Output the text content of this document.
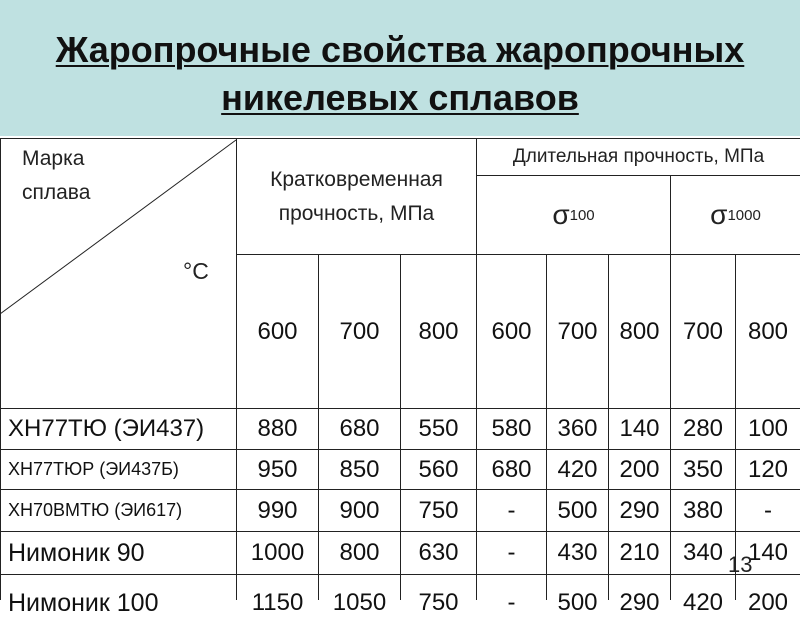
Жаропрочные свойства жаропрочных
никелевых сплавов
Марка
сплава
°C
Кратковременная
прочность, МПа
Длительная прочность, МПа
σ 100	σ 1000
600	700	800	600	700 800 700	800
ХН77ТЮ (ЭИ437)	880	680	550	580	360 140 280	100
ХН77ТЮР (ЭИ437Б)	950	850	560	680	420 200 350	120
ХН70ВМТЮ (ЭИ617)	990	900	750	-	500 290 380	-
Нимоник 90	1000	800	630	-	430 210 340	140
Нимоник 100	1150	1050	750	-	500 290 420	200
13
